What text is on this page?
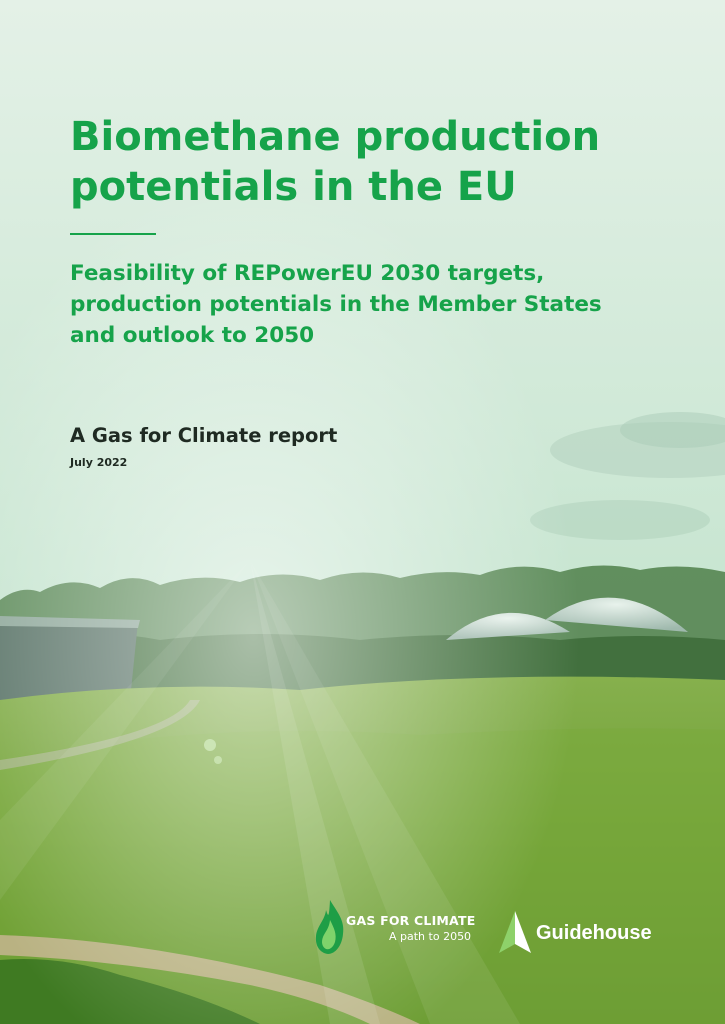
Biomethane production potentials in the EU
Feasibility of REPowerEU 2030 targets, production potentials in the Member States and outlook to 2050

A Gas for Climate report

July 2022
GAS FOR CLIMATE
A path to 2050	Guidehouse
